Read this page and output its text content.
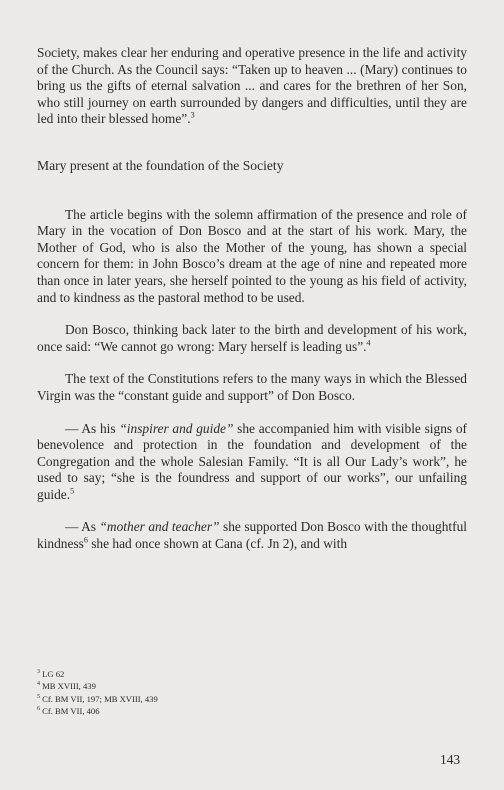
Society, makes clear her enduring and operative presence in the life and activity of the Church. As the Council says: “Taken up to heaven ... (Mary) continues to bring us the gifts of eternal salvation ... and cares for the brethren of her Son, who still journey on earth surrounded by dangers and difficulties, until they are led into their blessed home”.$^3$

Mary present at the foundation of the Society

The article begins with the solemn affirmation of the presence and role of Mary in the vocation of Don Bosco and at the start of his work. Mary, the Mother of God, who is also the Mother of the young, has shown a special concern for them: in John Bosco’s dream at the age of nine and repeated more than once in later years, she herself pointed to the young as his field of activity, and to kindness as the pastoral method to be used.

Don Bosco, thinking back later to the birth and development of his work, once said: “We cannot go wrong: Mary herself is leading us”.$^4$

The text of the Constitutions refers to the many ways in which the Blessed Virgin was the “constant guide and support” of Don Bosco.

— As his “inspirer and guide” she accompanied him with visible signs of benevolence and protection in the foundation and development of the Congregation and the whole Salesian Family. “It is all Our Lady’s work”, he used to say; “she is the foundress and support of our works”, our unfailing guide.$^5$

— As “mother and teacher” she supported Don Bosco with the thoughtful kindness$^6$ she had once shown at Cana (cf. Jn 2), and with

$^3$ LG 62
$^4$ MB XVIII, 439
$^5$ Cf. BM VII, 197; MB XVIII, 439
$^6$ Cf. BM VII, 406
143
